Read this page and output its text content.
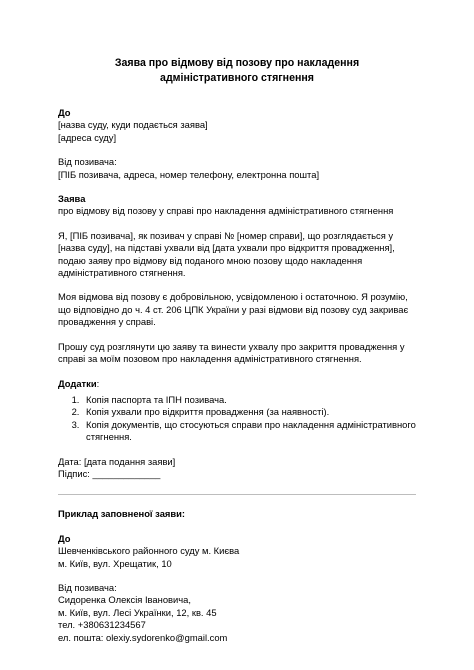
Заява про відмову від позову про накладення адміністративного стягнення
До
[назва суду, куди подається заява]
[адреса суду]
Від позивача:
[ПІБ позивача, адреса, номер телефону, електронна пошта]
Заява
про відмову від позову у справі про накладення адміністративного стягнення

Я, [ПІБ позивача], як позивач у справі № [номер справи], що розглядається у [назва суду], на підставі ухвали від [дата ухвали про відкриття провадження], подаю заяву про відмову від поданого мною позову щодо накладення адміністративного стягнення.

Моя відмова від позову є добровільною, усвідомленою і остаточною. Я розумію, що відповідно до ч. 4 ст. 206 ЦПК України у разі відмови від позову суд закриває провадження у справі.

Прошу суд розглянути цю заяву та винести ухвалу про закриття провадження у справі за моїм позовом про накладення адміністративного стягнення.

Додатки:
1. Копія паспорта та ІПН позивача.
2. Копія ухвали про відкриття провадження (за наявності).
3. Копія документів, що стосуються справи про накладення адміністративного стягнення.
Дата: [дата подання заяви]
Підпис: _____________
Приклад заповненої заяви:
До
Шевченківського районного суду м. Києва
м. Київ, вул. Хрещатик, 10
Від позивача:
Сидоренка Олексія Івановича,
м. Київ, вул. Лесі Українки, 12, кв. 45
тел. +380631234567
ел. пошта: olexiy.sydorenko@gmail.com
